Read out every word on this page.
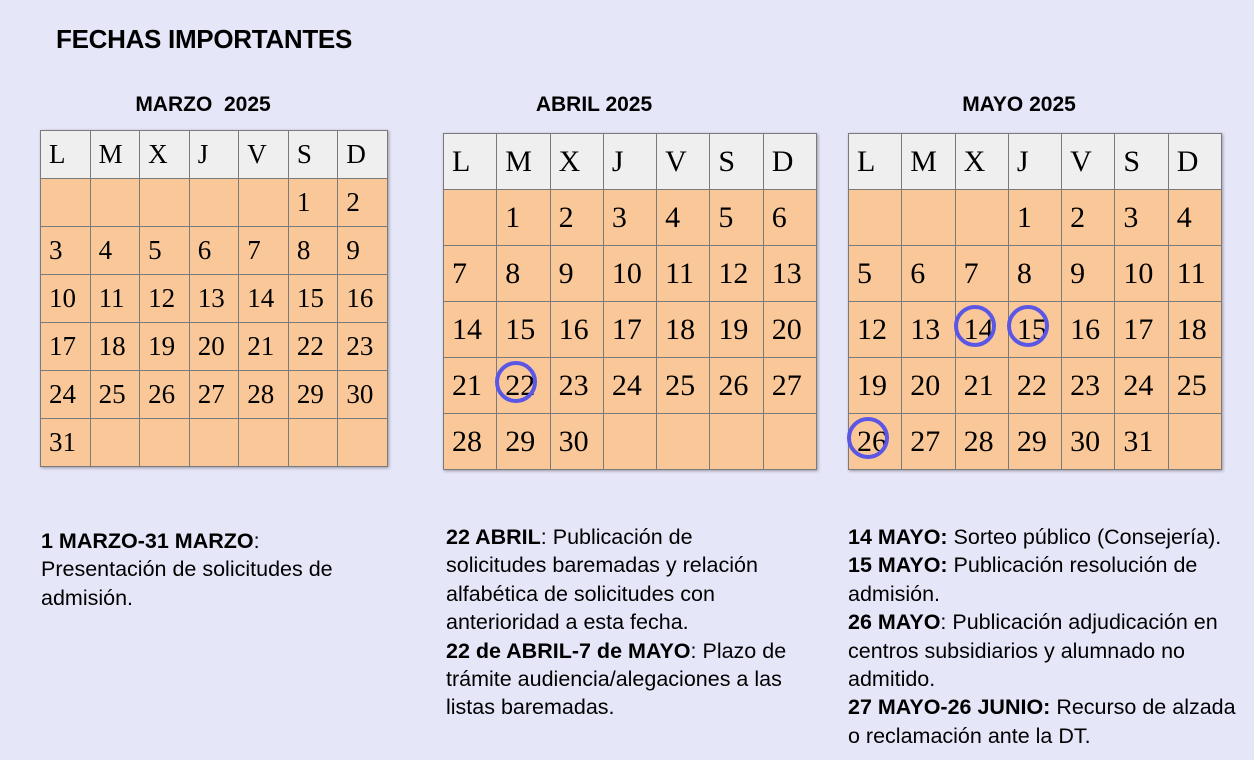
FECHAS IMPORTANTES
MARZO  2025	ABRIL 2025	MAYO 2025
L	M	X	J	V	S	D
					1	2
3	4	5	6	7	8	9
10	11	12	13	14	15	16
17	18	19	20	21	22	23
24	25	26	27	28	29	30
31						
L	M	X	J	V	S	D
	1	2	3	4	5	6
7	8	9	10	11	12	13
14	15	16	17	18	19	20
21	22	23	24	25	26	27
28	29	30				
L	M	X	J	V	S	D
			1	2	3	4
5	6	7	8	9	10	11
12	13	14	15	16	17	18
19	20	21	22	23	24	25
26	27	28	29	30	31	

1 MARZO-31 MARZO: Presentación de solicitudes de admisión.

22 ABRIL: Publicación de solicitudes baremadas y relación alfabética de solicitudes con anterioridad a esta fecha.

22 de ABRIL-7 de MAYO: Plazo de trámite audiencia/alegaciones a las listas baremadas.

14 MAYO: Sorteo público (Consejería).

15 MAYO: Publicación resolución de admisión.

26 MAYO: Publicación adjudicación en centros subsidiarios y alumnado no admitido.

27 MAYO-26 JUNIO: Recurso de alzada o reclamación ante la DT.
